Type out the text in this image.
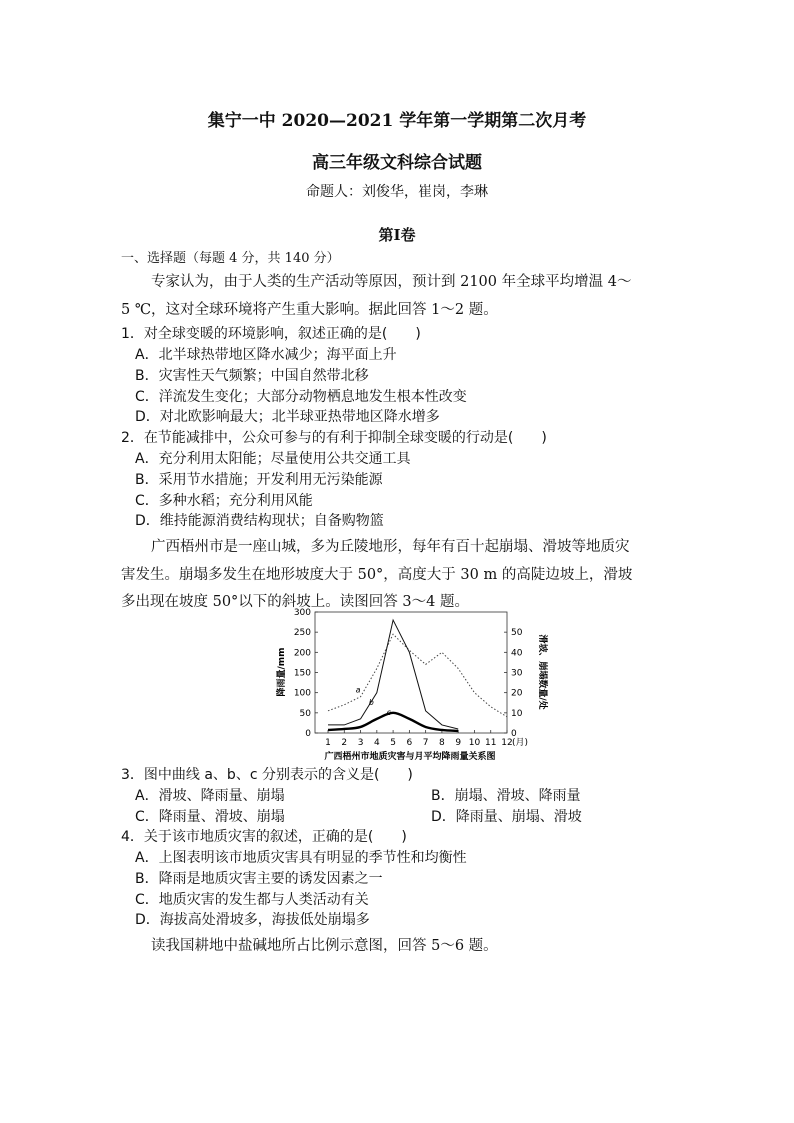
集宁一中 2020—2021 学年第一学期第二次月考
高三年级文科综合试题
命题人：刘俊华，崔岗，李琳
第Ⅰ卷
一、选择题（每题 4 分，共 140 分）
专家认为，由于人类的生产活动等原因，预计到 2100 年全球平均增温 4～
5 ℃，这对全球环境将产生重大影响。据此回答 1～2 题。
1．对全球变暖的环境影响，叙述正确的是(　　)
A．北半球热带地区降水减少；海平面上升
B．灾害性天气频繁；中国自然带北移
C．洋流发生变化；大部分动物栖息地发生根本性改变
D．对北欧影响最大；北半球亚热带地区降水增多
2．在节能减排中，公众可参与的有利于抑制全球变暖的行动是(　　)
A．充分利用太阳能；尽量使用公共交通工具
B．采用节水措施；开发利用无污染能源
C．多种水稻；充分利用风能
D．维持能源消费结构现状；自备购物篮
广西梧州市是一座山城，多为丘陵地形，每年有百十起崩塌、滑坡等地质灾
害发生。崩塌多发生在地形坡度大于 50°，高度大于 30 m 的高陡边坡上，滑坡
多出现在坡度 50°以下的斜坡上。读图回答 3～4 题。
0
50
100
150
200
250
300
0
10
20
30
40
50
1 2 3 4 5 6 7 8 9 10 11 12
a
b
c
降雨量/mm	滑坡、崩塌数量/处
(月)
广西梧州市地质灾害与月平均降雨量关系图
3．图中曲线 a、b、c 分别表示的含义是(　　)
A．滑坡、降雨量、崩塌	B．崩塌、滑坡、降雨量
C．降雨量、滑坡、崩塌	D．降雨量、崩塌、滑坡
4．关于该市地质灾害的叙述，正确的是(　　)
A．上图表明该市地质灾害具有明显的季节性和均衡性
B．降雨是地质灾害主要的诱发因素之一
C．地质灾害的发生都与人类活动有关
D．海拔高处滑坡多，海拔低处崩塌多
读我国耕地中盐碱地所占比例示意图，回答 5～6 题。
